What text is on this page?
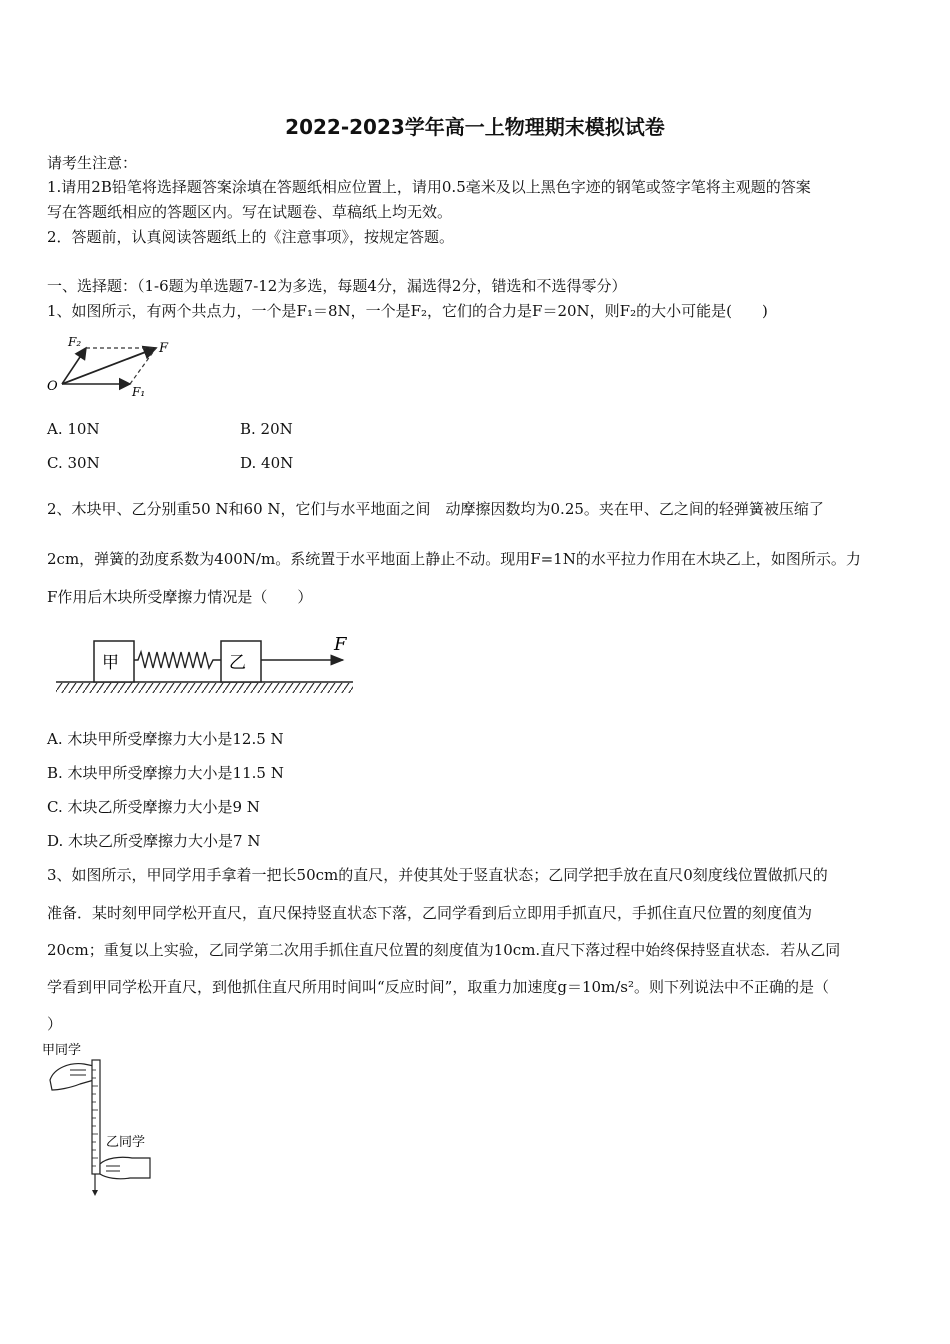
2022-2023学年高一上物理期末模拟试卷
请考生注意：
1.请用2B铅笔将选择题答案涂填在答题纸相应位置上，请用0.5毫米及以上黑色字迹的钢笔或签字笔将主观题的答案
写在答题纸相应的答题区内。写在试题卷、草稿纸上均无效。
2．答题前，认真阅读答题纸上的《注意事项》，按规定答题。
一、选择题：（1-6题为单选题7-12为多选，每题4分，漏选得2分，错选和不选得零分）
1、如图所示，有两个共点力，一个是F₁＝8N，一个是F₂，它们的合力是F＝20N，则F₂的大小可能是(　　)
O
F
F₁
F₂
A. 10N	B. 20N
C. 30N	D. 40N
2、木块甲、乙分别重50 N和60 N，它们与水平地面之间　动摩擦因数均为0.25。夹在甲、乙之间的轻弹簧被压缩了
2cm，弹簧的劲度系数为400N/m。系统置于水平地面上静止不动。现用F=1N的水平拉力作用在木块乙上，如图所示。力
F作用后木块所受摩擦力情况是（　　）
甲	乙
F
A. 木块甲所受摩擦力大小是12.5 N
B. 木块甲所受摩擦力大小是11.5 N
C. 木块乙所受摩擦力大小是9 N
D. 木块乙所受摩擦力大小是7 N
3、如图所示，甲同学用手拿着一把长50cm的直尺，并使其处于竖直状态；乙同学把手放在直尺0刻度线位置做抓尺的
准备．某时刻甲同学松开直尺，直尺保持竖直状态下落，乙同学看到后立即用手抓直尺，手抓住直尺位置的刻度值为
20cm；重复以上实验，乙同学第二次用手抓住直尺位置的刻度值为10cm.直尺下落过程中始终保持竖直状态．若从乙同
学看到甲同学松开直尺，到他抓住直尺所用时间叫“反应时间”，取重力加速度g＝10m/s²。则下列说法中不正确的是（
）
甲同学
乙同学
